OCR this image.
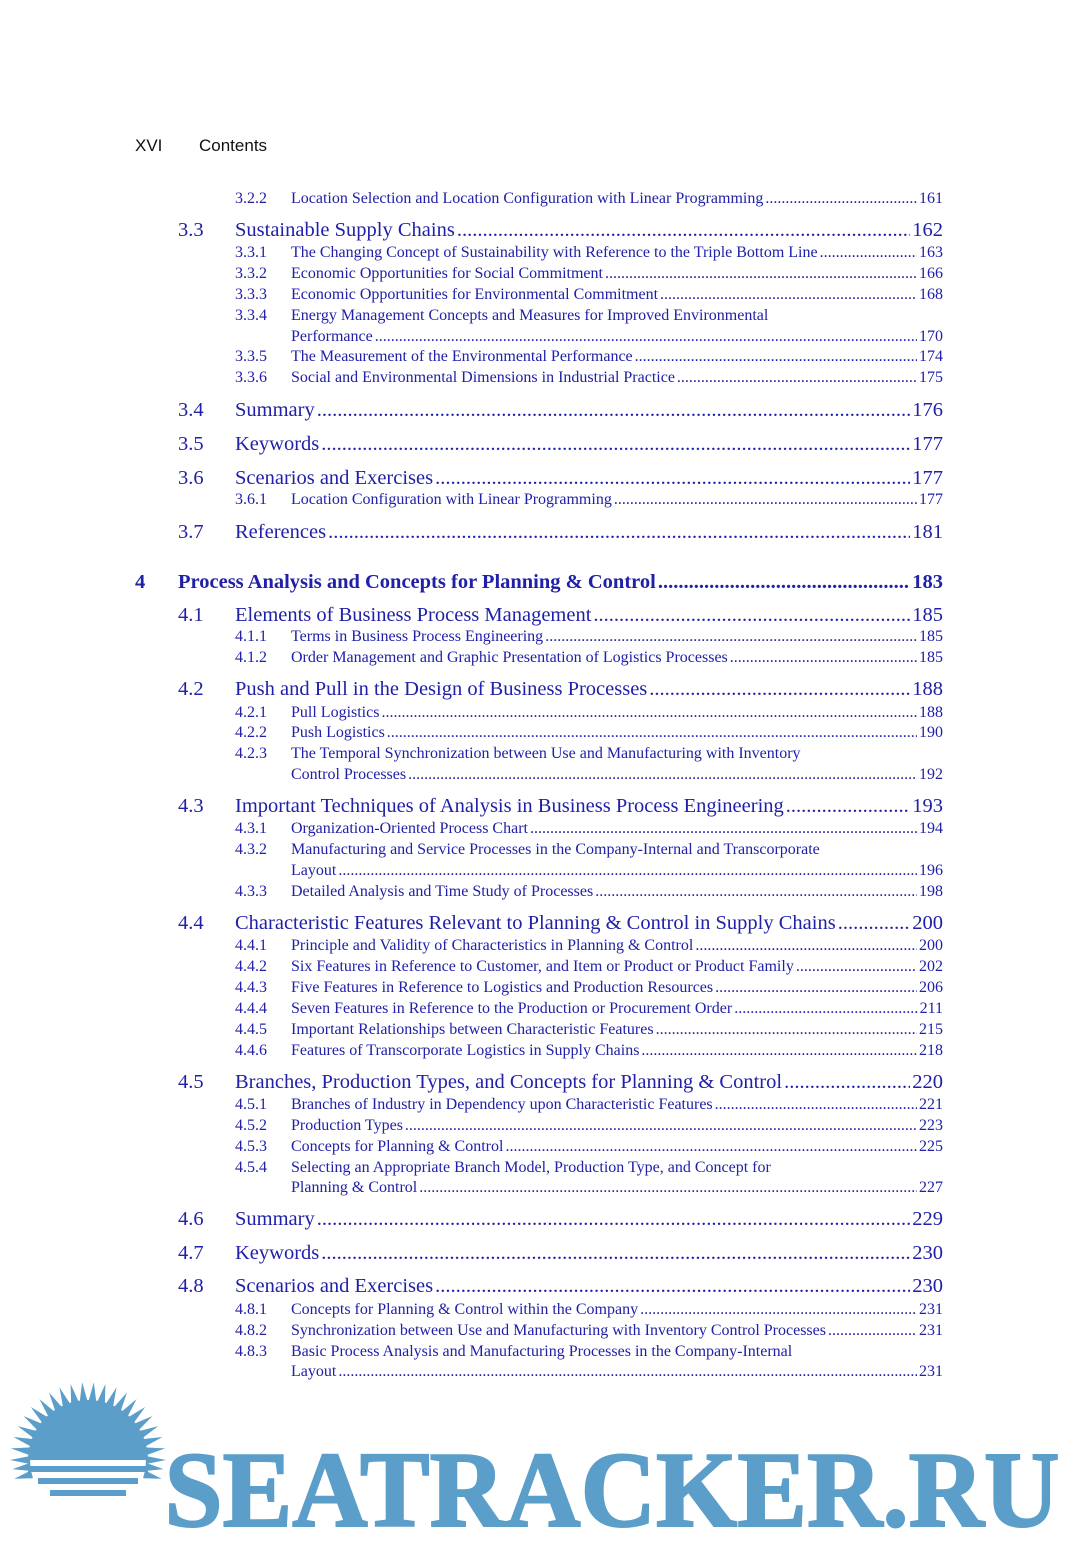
XVI Contents
3.2.2	Location Selection and Location Configuration with Linear Programming .....	161
3.3	Sustainable Supply Chains .....	162
3.3.1	The Changing Concept of Sustainability with Reference to the Triple Bottom Line .....	163
3.3.2	Economic Opportunities for Social Commitment .....	166
3.3.3	Economic Opportunities for Environmental Commitment .....	168
3.3.4	Energy Management Concepts and Measures for Improved Environmental
Performance .....	170
3.3.5	The Measurement of the Environmental Performance .....	174
3.3.6	Social and Environmental Dimensions in Industrial Practice .....	175
3.4	Summary .....	176
3.5	Keywords .....	177
3.6	Scenarios and Exercises .....	177
3.6.1	Location Configuration with Linear Programming .....	177
3.7	References .....	181
4	Process Analysis and Concepts for Planning & Control .....	183
4.1	Elements of Business Process Management .....	185
4.1.1	Terms in Business Process Engineering .....	185
4.1.2	Order Management and Graphic Presentation of Logistics Processes .....	185
4.2	Push and Pull in the Design of Business Processes .....	188
4.2.1	Pull Logistics .....	188
4.2.2	Push Logistics .....	190
4.2.3	The Temporal Synchronization between Use and Manufacturing with Inventory
Control Processes .....	192
4.3	Important Techniques of Analysis in Business Process Engineering .....	193
4.3.1	Organization-Oriented Process Chart .....	194
4.3.2	Manufacturing and Service Processes in the Company-Internal and Transcorporate
Layout .....	196
4.3.3	Detailed Analysis and Time Study of Processes .....	198
4.4	Characteristic Features Relevant to Planning & Control in Supply Chains .....	200
4.4.1	Principle and Validity of Characteristics in Planning & Control .....	200
4.4.2	Six Features in Reference to Customer, and Item or Product or Product Family .....	202
4.4.3	Five Features in Reference to Logistics and Production Resources .....	206
4.4.4	Seven Features in Reference to the Production or Procurement Order .....	211
4.4.5	Important Relationships between Characteristic Features .....	215
4.4.6	Features of Transcorporate Logistics in Supply Chains .....	218
4.5	Branches, Production Types, and Concepts for Planning & Control .....	220
4.5.1	Branches of Industry in Dependency upon Characteristic Features .....	221
4.5.2	Production Types .....	223
4.5.3	Concepts for Planning & Control .....	225
4.5.4	Selecting an Appropriate Branch Model, Production Type, and Concept for
Planning & Control .....	227
4.6	Summary .....	229
4.7	Keywords .....	230
4.8	Scenarios and Exercises .....	230
4.8.1	Concepts for Planning & Control within the Company .....	231
4.8.2	Synchronization between Use and Manufacturing with Inventory Control Processes .....	231
4.8.3	Basic Process Analysis and Manufacturing Processes in the Company-Internal
Layout .....	231
SEATRACKER.RU
